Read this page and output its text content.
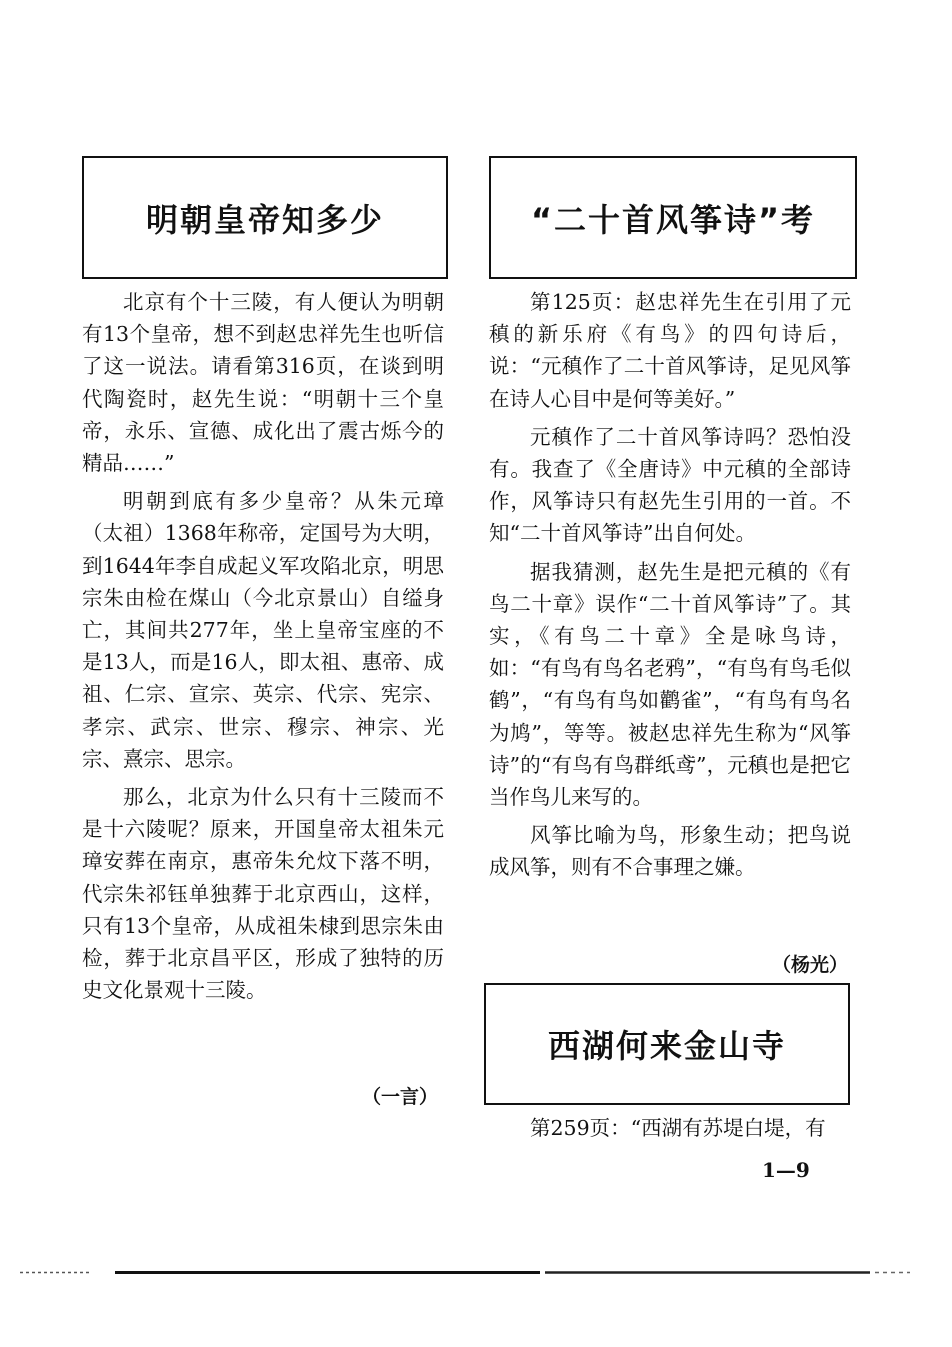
明朝皇帝知多少

北京有个十三陵，有人便认为明朝有13个皇帝，想不到赵忠祥先生也听信了这一说法。请看第316页，在谈到明代陶瓷时，赵先生说：“明朝十三个皇帝，永乐、宣德、成化出了震古烁今的精品……”

明朝到底有多少皇帝？从朱元璋（太祖）1368年称帝，定国号为大明，到1644年李自成起义军攻陷北京，明思宗朱由检在煤山（今北京景山）自缢身亡，其间共277年，坐上皇帝宝座的不是13人，而是16人，即太祖、惠帝、成祖、仁宗、宣宗、英宗、代宗、宪宗、孝宗、武宗、世宗、穆宗、神宗、光宗、熹宗、思宗。

那么，北京为什么只有十三陵而不是十六陵呢？原来，开国皇帝太祖朱元璋安葬在南京，惠帝朱允炆下落不明，代宗朱祁钰单独葬于北京西山，这样，只有13个皇帝，从成祖朱棣到思宗朱由检，葬于北京昌平区，形成了独特的历史文化景观十三陵。

（一言）
“二十首风筝诗”考

第125页：赵忠祥先生在引用了元稹的新乐府《有鸟》的四句诗后，说：“元稹作了二十首风筝诗，足见风筝在诗人心目中是何等美好。”

元稹作了二十首风筝诗吗？恐怕没有。我查了《全唐诗》中元稹的全部诗作，风筝诗只有赵先生引用的一首。不知“二十首风筝诗”出自何处。

据我猜测，赵先生是把元稹的《有鸟二十章》误作“二十首风筝诗”了。其实，《有鸟二十章》全是咏鸟诗，如：“有鸟有鸟名老鸦”，“有鸟有鸟毛似鹤”，“有鸟有鸟如鹳雀”，“有鸟有鸟名为鸠”，等等。被赵忠祥先生称为“风筝诗”的“有鸟有鸟群纸鸢”，元稹也是把它当作鸟儿来写的。

风筝比喻为鸟，形象生动；把鸟说成风筝，则有不合事理之嫌。

（杨光）
西湖何来金山寺

第259页：“西湖有苏堤白堤，有

1—9
